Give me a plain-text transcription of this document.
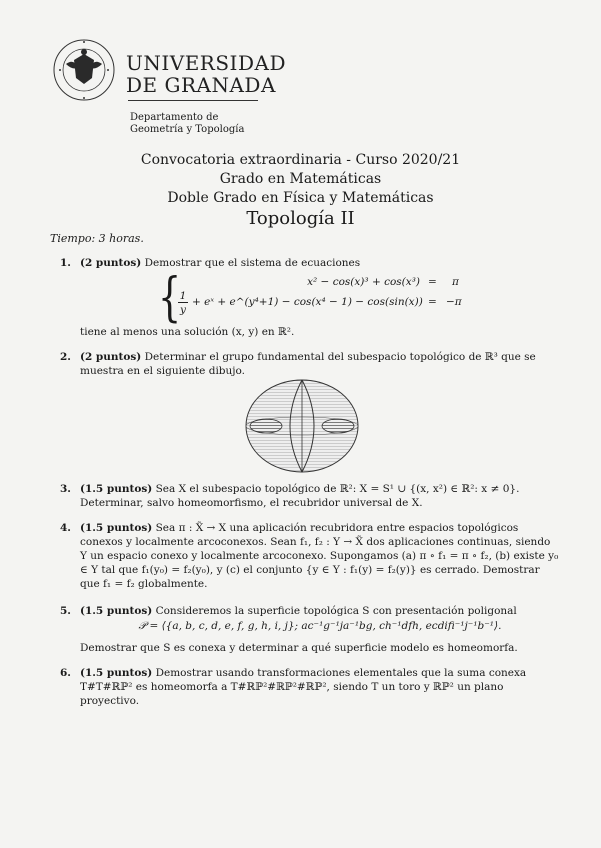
UNIVERSIDAD
DE GRANADA
Departamento de
Geometría y Topología
Convocatoria extraordinaria - Curso 2020/21
Grado en Matemáticas
Doble Grado en Física y Matemáticas
Topología II
Tiempo: 3 horas.
1. (2 puntos) Demostrar que el sistema de ecuaciones
{	x² − cos(x)³ + cos(x³) = π
1
y
+ eˣ + e^(y⁴+1) − cos(x⁴ − 1) − cos(sin(x)) = −π
tiene al menos una solución (x, y) en ℝ².
2. (2 puntos) Determinar el grupo fundamental del subespacio topológico de ℝ³ que se muestra en el siguiente dibujo.
3. (1.5 puntos) Sea X el subespacio topológico de ℝ²: X = S¹ ∪ {(x, x²) ∈ ℝ²: x ≠ 0}. Determinar, salvo homeomorfismo, el recubridor universal de X.
4. (1.5 puntos) Sea π : X̃ → X una aplicación recubridora entre espacios topológicos conexos y localmente arcoconexos. Sean f₁, f₂ : Y → X̃ dos aplicaciones continuas, siendo Y un espacio conexo y localmente arcoconexo. Supongamos (a) π ∘ f₁ = π ∘ f₂, (b) existe y₀ ∈ Y tal que f₁(y₀) = f₂(y₀), y (c) el conjunto {y ∈ Y : f₁(y) = f₂(y)} es cerrado. Demostrar que f₁ = f₂ globalmente.
5. (1.5 puntos) Consideremos la superficie topológica S con presentación poligonal
𝒫 = ⟨{a, b, c, d, e, f, g, h, i, j}; ac⁻¹g⁻¹ja⁻¹bg, ch⁻¹dfh, ecdifi⁻¹j⁻¹b⁻¹⟩.
Demostrar que S es conexa y determinar a qué superficie modelo es homeomorfa.
6. (1.5 puntos) Demostrar usando transformaciones elementales que la suma conexa T#T#ℝℙ² es homeomorfa a T#ℝℙ²#ℝℙ²#ℝℙ², siendo T un toro y ℝℙ² un plano proyectivo.
